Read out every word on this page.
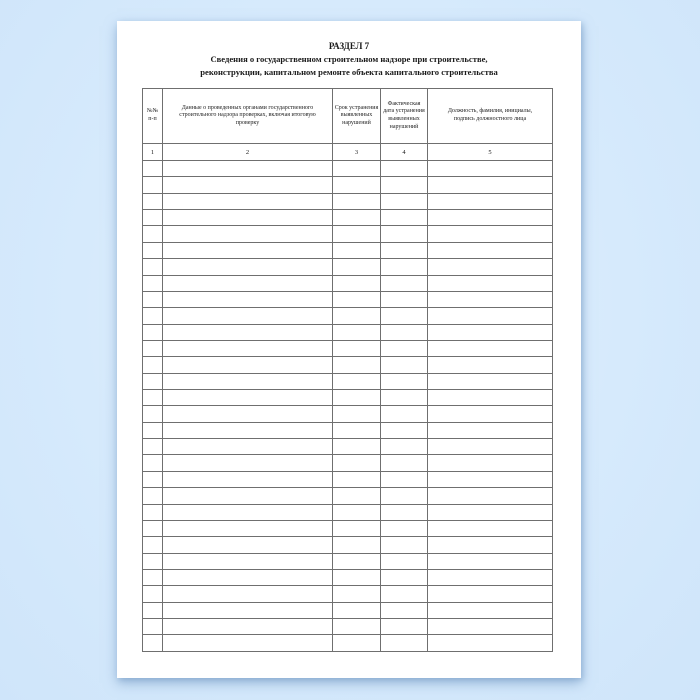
РАЗДЕЛ 7
Сведения о государственном строительном надзоре при строительстве,
реконструкции, капитальном ремонте объекта капитального строительства
№№ п-п	Данные о проведенных органами государственного строительного надзора проверках, включая итоговую проверку	Срок устранения выявленных нарушений	Фактическая дата устранения выявленных нарушений	Должность, фамилия, инициалы, подпись должностного лица
1	2	3	4	5
